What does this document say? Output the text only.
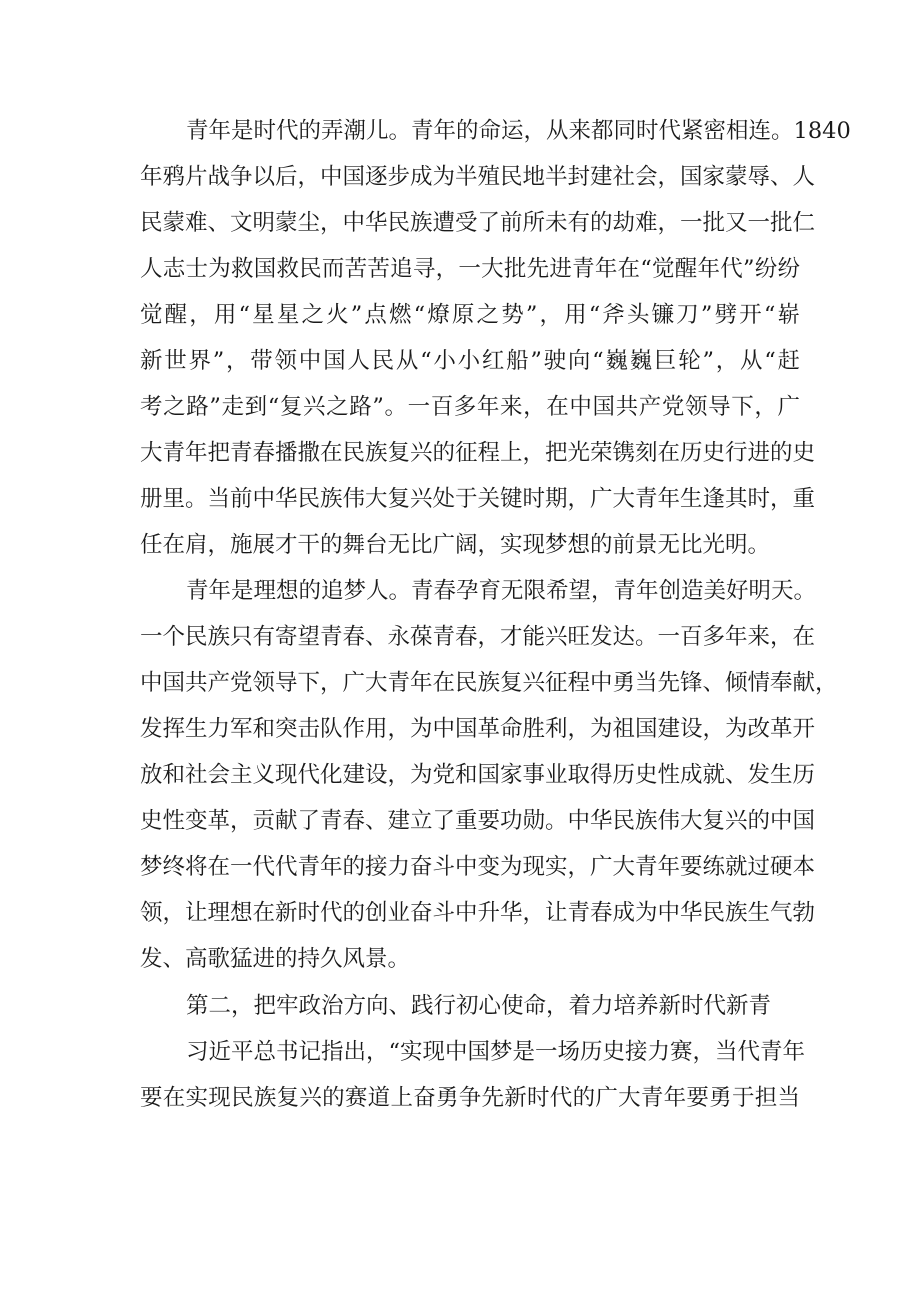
青年是时代的弄潮儿。青年的命运，从来都同时代紧密相连。1840

年鸦片战争以后，中国逐步成为半殖民地半封建社会，国家蒙辱、人

民蒙难、文明蒙尘，中华民族遭受了前所未有的劫难，一批又一批仁

人志士为救国救民而苦苦追寻，一大批先进青年在“觉醒年代”纷纷

觉醒，用“星星之火”点燃“燎原之势”，用“斧头镰刀”劈开“崭

新世界”，带领中国人民从“小小红船”驶向“巍巍巨轮”，从“赶

考之路”走到“复兴之路”。一百多年来，在中国共产党领导下，广

大青年把青春播撒在民族复兴的征程上，把光荣镌刻在历史行进的史

册里。当前中华民族伟大复兴处于关键时期，广大青年生逢其时，重

任在肩，施展才干的舞台无比广阔，实现梦想的前景无比光明。

青年是理想的追梦人。青春孕育无限希望，青年创造美好明天。

一个民族只有寄望青春、永葆青春，才能兴旺发达。一百多年来，在

中国共产党领导下，广大青年在民族复兴征程中勇当先锋、倾情奉献，

发挥生力军和突击队作用，为中国革命胜利，为祖国建设，为改革开

放和社会主义现代化建设，为党和国家事业取得历史性成就、发生历

史性变革，贡献了青春、建立了重要功勋。中华民族伟大复兴的中国

梦终将在一代代青年的接力奋斗中变为现实，广大青年要练就过硬本

领，让理想在新时代的创业奋斗中升华，让青春成为中华民族生气勃

发、高歌猛进的持久风景。

第二，把牢政治方向、践行初心使命，着力培养新时代新青

习近平总书记指出，“实现中国梦是一场历史接力赛，当代青年

要在实现民族复兴的赛道上奋勇争先新时代的广大青年要勇于担当
